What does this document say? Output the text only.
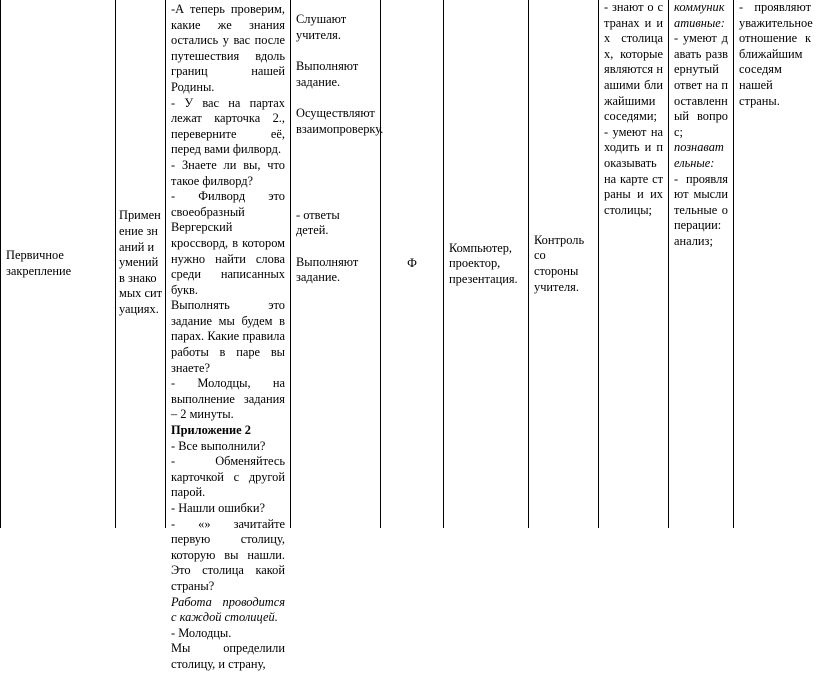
Первичное закрепление
Применение знаний и умений в знакомых ситуациях.

-А теперь проверим, какие же знания остались у вас после путешествия вдоль границ нашей Родины.

- У вас на партах лежат карточка 2., переверните её, перед вами филворд.

- Знаете ли вы, что такое филворд?

- Филворд это своеобразный Вергерский кроссворд, в котором нужно найти слова среди написанных букв.

Выполнять это задание мы будем в парах. Какие правила работы в паре вы знаете?

- Молодцы, на выполнение задания – 2 минуты.

Приложение 2

- Все выполнили?

- Обменяйтесь карточкой с другой парой.

- Нашли ошибки?

- «» зачитайте первую столицу, которую вы нашли. Это столица какой страны?

Работа проводится с каждой столицей.

- Молодцы.

Мы определили столицу, и страну,

Слушают учителя.

Выполняют задание.

Осуществляют взаимопроверку.

- ответы детей.

Выполняют задание.

Ф
Компьютер, проектор, презентация.
Контроль со стороны учителя.

- знают о странах и их столицах, которые являются нашими ближайшими соседями;

- умеют находить и показывать на карте страны и их столицы;

коммуникативные:

- умеют давать развернутый ответ на поставленный вопрос;

познавательные:

- проявляют мыслительные операции: анализ;

- проявляют уважительное отношение к ближайшим соседям нашей страны.
